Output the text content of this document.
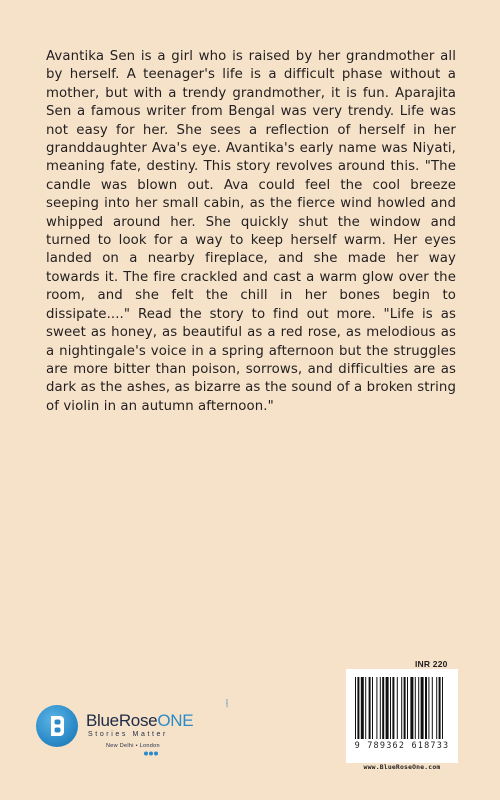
Avantika Sen is a girl who is raised by her grandmother all by herself. A teenager's life is a difficult phase without a mother, but with a trendy grandmother, it is fun. Aparajita Sen a famous writer from Bengal was very trendy. Life was not easy for her. She sees a reflection of herself in her granddaughter Ava's eye. Avantika's early name was Niyati, meaning fate, destiny. This story revolves around this. "The candle was blown out. Ava could feel the cool breeze seeping into her small cabin, as the fierce wind howled and whipped around her. She quickly shut the window and turned to look for a way to keep herself warm. Her eyes landed on a nearby fireplace, and she made her way towards it. The fire crackled and cast a warm glow over the room, and she felt the chill in her bones begin to dissipate...." Read the story to find out more. "Life is as sweet as honey, as beautiful as a red rose, as melodious as a nightingale's voice in a spring afternoon but the struggles are more bitter than poison, sorrows, and difficulties are as dark as the ashes, as bizarre as the sound of a broken string of violin in an autumn afternoon."

INR 220
9 789362 618733
www.BlueRoseOne.com
BlueRoseONE
.com
Stories Matter
New Delhi • London
